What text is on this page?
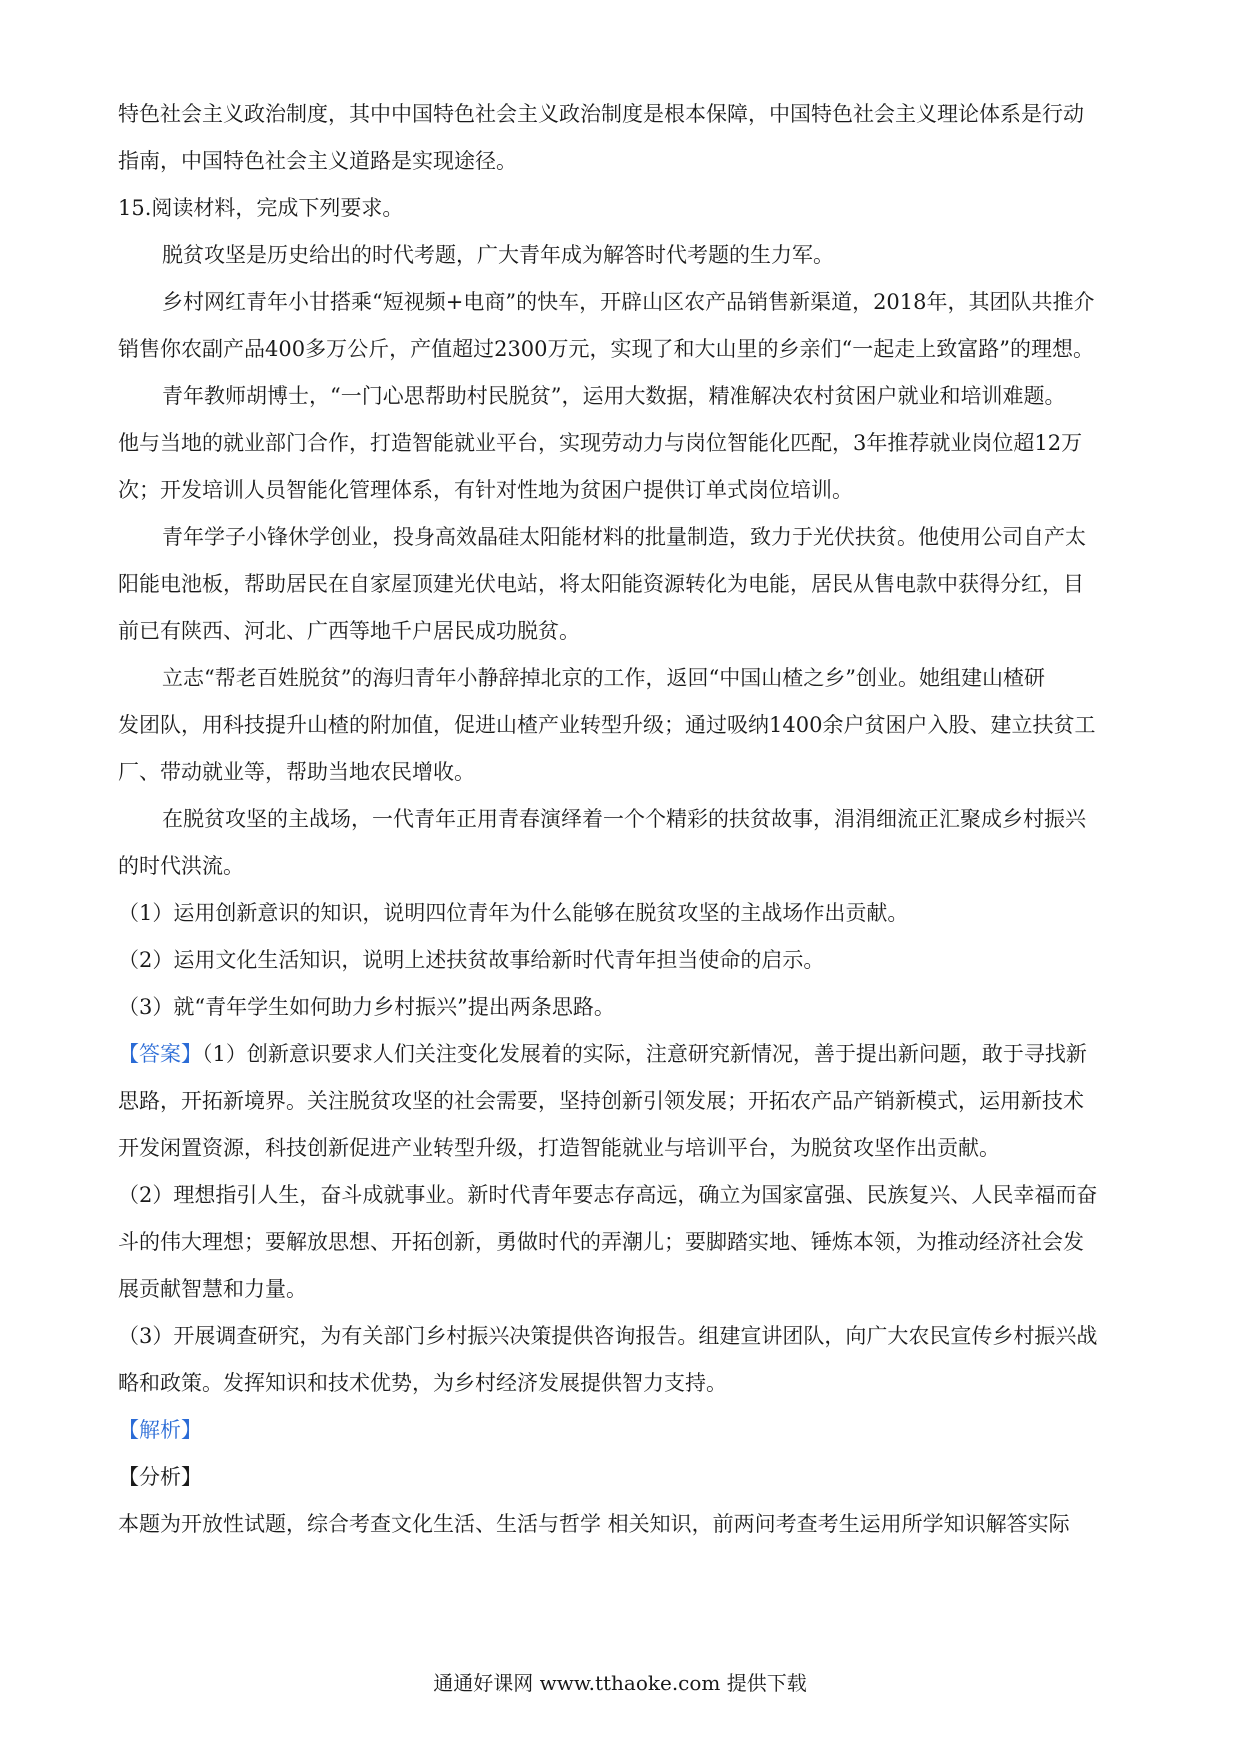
特色社会主义政治制度，其中中国特色社会主义政治制度是根本保障，中国特色社会主义理论体系是行动
指南，中国特色社会主义道路是实现途径。
15.阅读材料，完成下列要求。
脱贫攻坚是历史给出的时代考题，广大青年成为解答时代考题的生力军。
乡村网红青年小甘搭乘“短视频+电商”的快车，开辟山区农产品销售新渠道，2018年，其团队共推介
销售你农副产品400多万公斤，产值超过2300万元，实现了和大山里的乡亲们“一起走上致富路”的理想。
青年教师胡博士，“一门心思帮助村民脱贫”，运用大数据，精准解决农村贫困户就业和培训难题。
他与当地的就业部门合作，打造智能就业平台，实现劳动力与岗位智能化匹配，3年推荐就业岗位超12万
次；开发培训人员智能化管理体系，有针对性地为贫困户提供订单式岗位培训。
青年学子小锋休学创业，投身高效晶硅太阳能材料的批量制造，致力于光伏扶贫。他使用公司自产太
阳能电池板，帮助居民在自家屋顶建光伏电站，将太阳能资源转化为电能，居民从售电款中获得分红，目
前已有陕西、河北、广西等地千户居民成功脱贫。
立志“帮老百姓脱贫”的海归青年小静辞掉北京的工作，返回“中国山楂之乡”创业。她组建山楂研
发团队，用科技提升山楂的附加值，促进山楂产业转型升级；通过吸纳1400余户贫困户入股、建立扶贫工
厂、带动就业等，帮助当地农民增收。
在脱贫攻坚的主战场，一代青年正用青春演绎着一个个精彩的扶贫故事，涓涓细流正汇聚成乡村振兴
的时代洪流。
（1）运用创新意识的知识，说明四位青年为什么能够在脱贫攻坚的主战场作出贡献。
（2）运用文化生活知识，说明上述扶贫故事给新时代青年担当使命的启示。
（3）就“青年学生如何助力乡村振兴”提出两条思路。
【答案】（1）创新意识要求人们关注变化发展着的实际，注意研究新情况，善于提出新问题，敢于寻找新
思路，开拓新境界。关注脱贫攻坚的社会需要，坚持创新引领发展；开拓农产品产销新模式，运用新技术
开发闲置资源，科技创新促进产业转型升级，打造智能就业与培训平台，为脱贫攻坚作出贡献。
（2）理想指引人生，奋斗成就事业。新时代青年要志存高远，确立为国家富强、民族复兴、人民幸福而奋
斗的伟大理想；要解放思想、开拓创新，勇做时代的弄潮儿；要脚踏实地、锤炼本领，为推动经济社会发
展贡献智慧和力量。
（3）开展调查研究，为有关部门乡村振兴决策提供咨询报告。组建宣讲团队，向广大农民宣传乡村振兴战
略和政策。发挥知识和技术优势，为乡村经济发展提供智力支持。
【解析】
【分析】
本题为开放性试题，综合考查文化生活、生活与哲学 相关知识，前两问考查考生运用所学知识解答实际
通通好课网 www.tthaoke.com 提供下载
